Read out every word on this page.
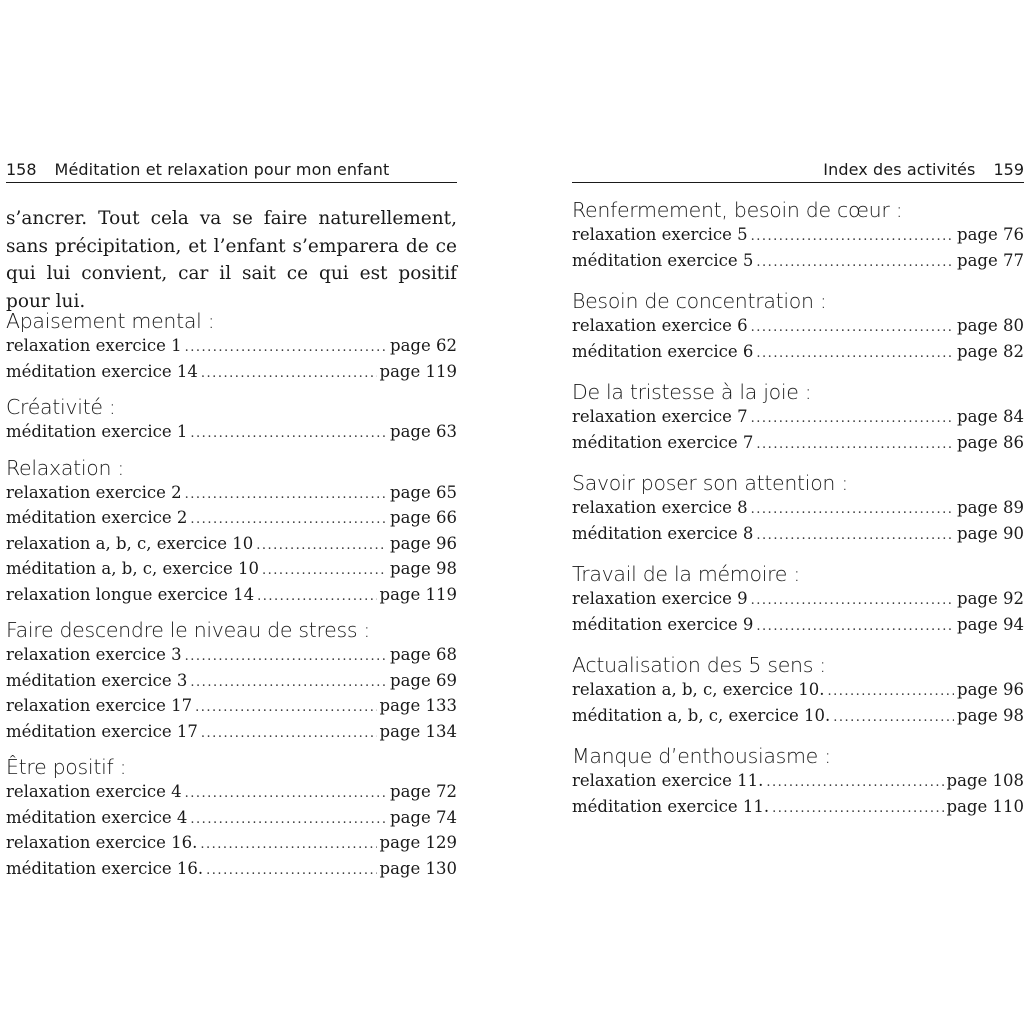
158 Méditation et relaxation pour mon enfant

s’ancrer. Tout cela va se faire naturellement, sans précipitation, et l’enfant s’emparera de ce qui lui convient, car il sait ce qui est positif pour lui.

Apaisement mental :
relaxation exercice 1 .....	page 62
méditation exercice 14 .....	page 119
Créativité :
méditation exercice 1 .....	page 63
Relaxation :
relaxation exercice 2 .....	page 65
méditation exercice 2 .....	page 66
relaxation a, b, c, exercice 10 .....	page 96
méditation a, b, c, exercice 10 .....	page 98
relaxation longue exercice 14 .....	page 119
Faire descendre le niveau de stress :
relaxation exercice 3 .....	page 68
méditation exercice 3 .....	page 69
relaxation exercice 17 .....	page 133
méditation exercice 17 .....	page 134
Être positif :
relaxation exercice 4 .....	page 72
méditation exercice 4 .....	page 74
relaxation exercice 16. .....	page 129
méditation exercice 16. .....	page 130
Index des activités 159
Renfermement, besoin de cœur :
relaxation exercice 5 .....	page 76
méditation exercice 5 .....	page 77
Besoin de concentration :
relaxation exercice 6 .....	page 80
méditation exercice 6 .....	page 82
De la tristesse à la joie :
relaxation exercice 7 .....	page 84
méditation exercice 7 .....	page 86
Savoir poser son attention :
relaxation exercice 8 .....	page 89
méditation exercice 8 .....	page 90
Travail de la mémoire :
relaxation exercice 9 .....	page 92
méditation exercice 9 .....	page 94
Actualisation des 5 sens :
relaxation a, b, c, exercice 10. .....	page 96
méditation a, b, c, exercice 10. .....	page 98
Manque d’enthousiasme :
relaxation exercice 11. .....	page 108
méditation exercice 11. .....	page 110
